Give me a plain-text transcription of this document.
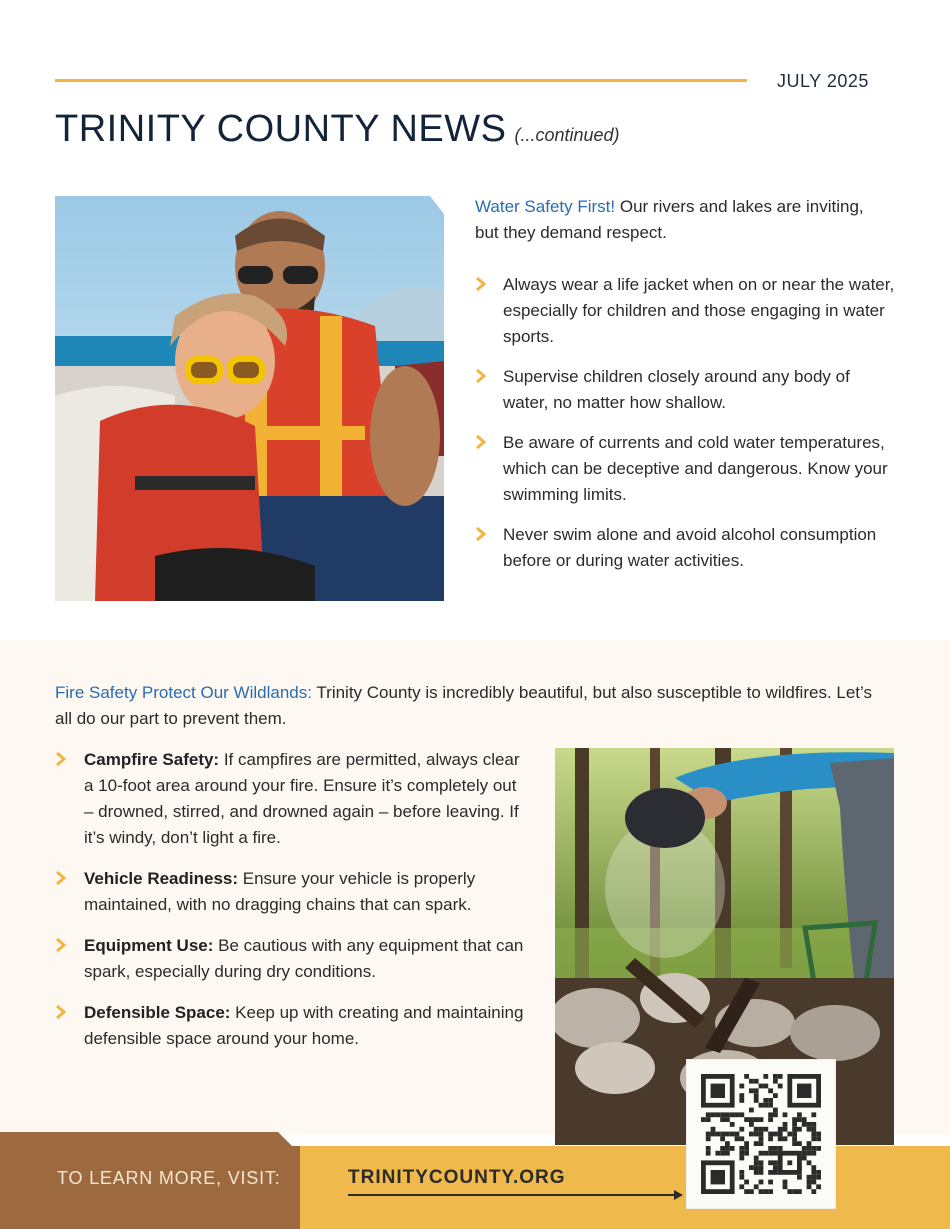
JULY 2025
TRINITY COUNTY NEWS (...continued)
Water Safety First! Our rivers and lakes are inviting, but they demand respect.
Always wear a life jacket when on or near the water, especially for children and those engaging in water sports.
Supervise children closely around any body of water, no matter how shallow.
Be aware of currents and cold water temperatures, which can be deceptive and dangerous. Know your swimming limits.
Never swim alone and avoid alcohol consumption before or during water activities.
Fire Safety Protect Our Wildlands: Trinity County is incredibly beautiful, but also susceptible to wildfires. Let’s all do our part to prevent them.
Campfire Safety: If campfires are permitted, always clear a 10-foot area around your fire. Ensure it’s completely out – drowned, stirred, and drowned again – before leaving. If it’s windy, don’t light a fire.
Vehicle Readiness: Ensure your vehicle is properly maintained, with no dragging chains that can spark.
Equipment Use: Be cautious with any equipment that can spark, especially during dry conditions.
Defensible Space: Keep up with creating and maintaining defensible space around your home.
TO LEARN MORE, VISIT:	TRINITYCOUNTY.ORG
